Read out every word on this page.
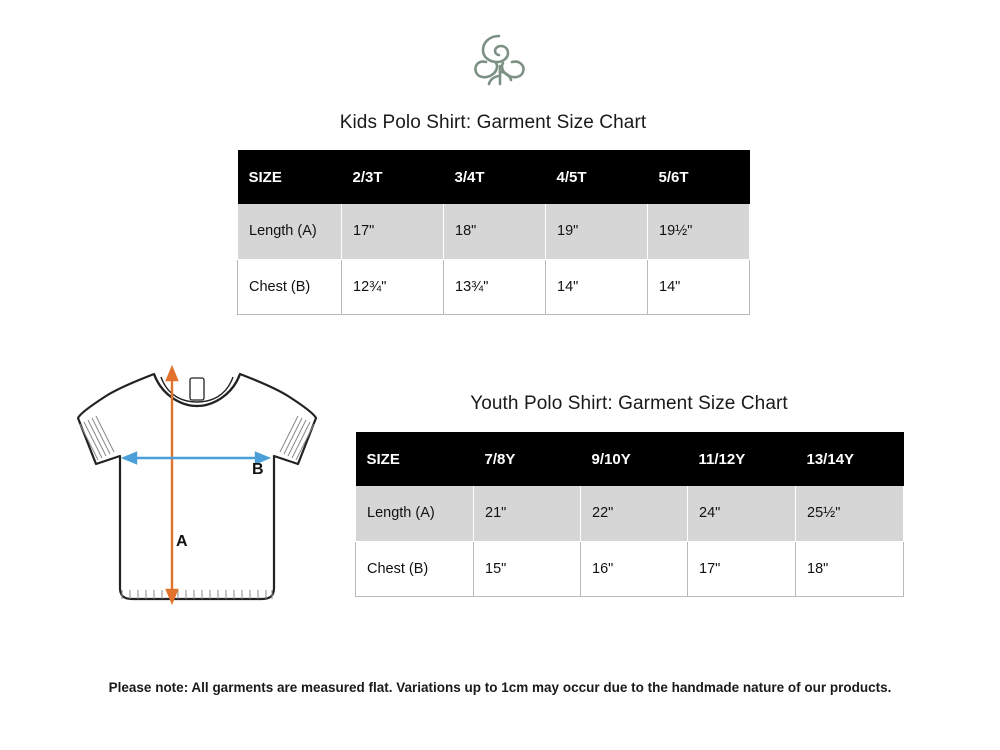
Kids Polo Shirt: Garment Size Chart
SIZE	2/3T	3/4T	4/5T	5/6T
Length (A)	17"	18"	19"	19½"
Chest (B)	12¾"	13¾"	14"	14"
Youth Polo Shirt: Garment Size Chart
SIZE	7/8Y	9/10Y	11/12Y	13/14Y
Length (A)	21"	22"	24"	25½"
Chest (B)	15"	16"	17"	18"
A
B
Please note: All garments are measured flat. Variations up to 1cm may occur due to the handmade nature of our products.
